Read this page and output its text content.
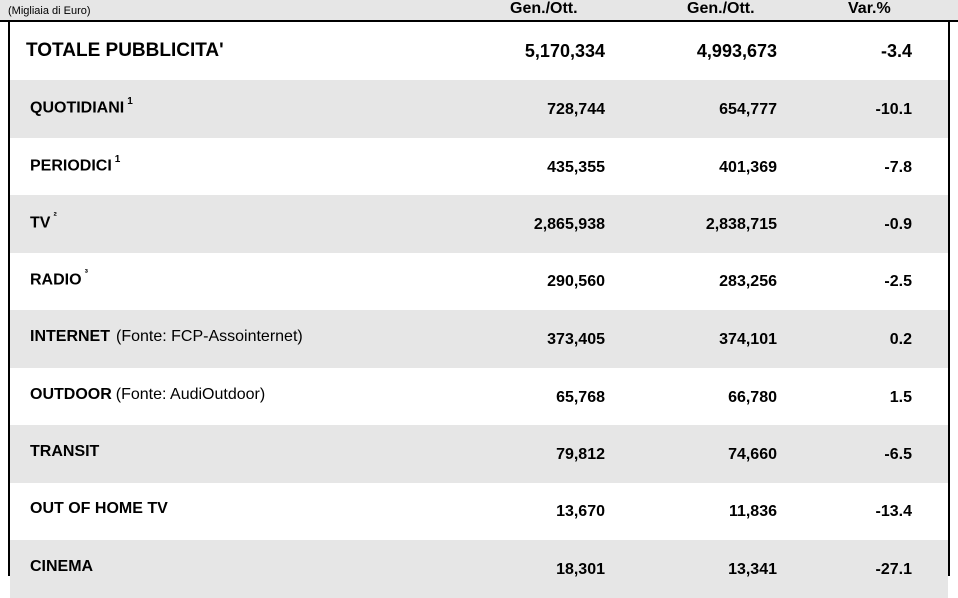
(Migliaia di Euro)	Gen./Ott.	Gen./Ott.	Var.%
TOTALE PUBBLICITA'	5,170,334	4,993,673	-3.4
QUOTIDIANI $^1$	728,744	654,777	-10.1
PERIODICI $^1$	435,355	401,369	-7.8
TV $^{^2}$	2,865,938	2,838,715	-0.9
RADIO $^{^3}$	290,560	283,256	-2.5
INTERNET (Fonte: FCP-Assointernet)	373,405	374,101	0.2
OUTDOOR (Fonte: AudiOutdoor)	65,768	66,780	1.5
TRANSIT	79,812	74,660	-6.5
OUT OF HOME TV	13,670	11,836	-13.4
CINEMA	18,301	13,341	-27.1
